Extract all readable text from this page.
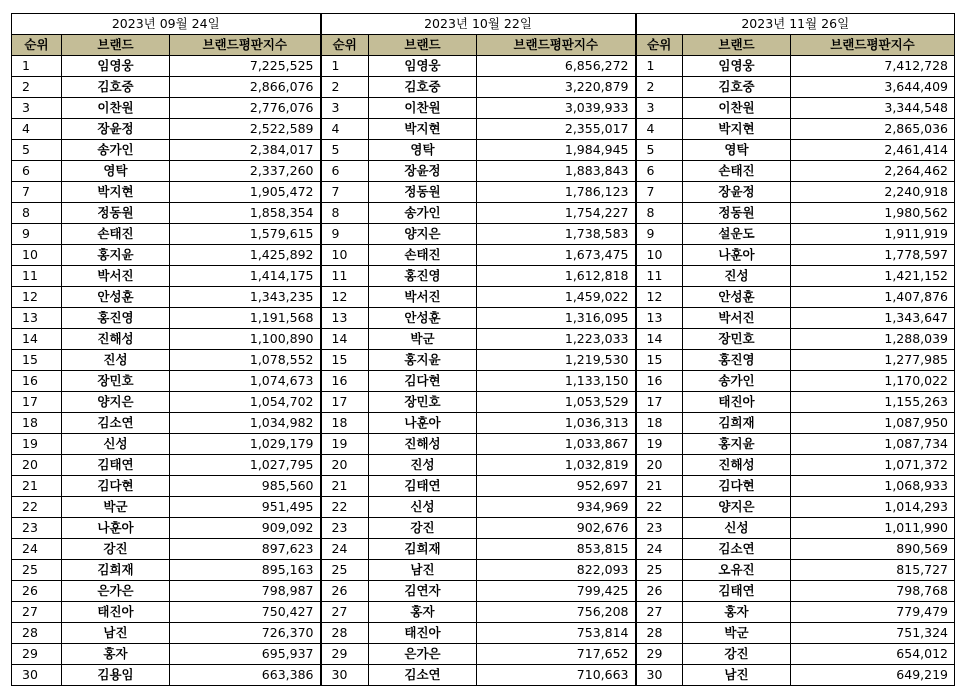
2023년 09월 24일			2023년 10월 22일			2023년 11월 26일		
순위	브랜드	브랜드평판지수	순위	브랜드	브랜드평판지수	순위	브랜드	브랜드평판지수
1	임영웅	7,225,525	1	임영웅	6,856,272	1	임영웅	7,412,728
2	김호중	2,866,076	2	김호중	3,220,879	2	김호중	3,644,409
3	이찬원	2,776,076	3	이찬원	3,039,933	3	이찬원	3,344,548
4	장윤정	2,522,589	4	박지현	2,355,017	4	박지현	2,865,036
5	송가인	2,384,017	5	영탁	1,984,945	5	영탁	2,461,414
6	영탁	2,337,260	6	장윤정	1,883,843	6	손태진	2,264,462
7	박지현	1,905,472	7	정동원	1,786,123	7	장윤정	2,240,918
8	정동원	1,858,354	8	송가인	1,754,227	8	정동원	1,980,562
9	손태진	1,579,615	9	양지은	1,738,583	9	설운도	1,911,919
10	홍지윤	1,425,892	10	손태진	1,673,475	10	나훈아	1,778,597
11	박서진	1,414,175	11	홍진영	1,612,818	11	진성	1,421,152
12	안성훈	1,343,235	12	박서진	1,459,022	12	안성훈	1,407,876
13	홍진영	1,191,568	13	안성훈	1,316,095	13	박서진	1,343,647
14	진해성	1,100,890	14	박군	1,223,033	14	장민호	1,288,039
15	진성	1,078,552	15	홍지윤	1,219,530	15	홍진영	1,277,985
16	장민호	1,074,673	16	김다현	1,133,150	16	송가인	1,170,022
17	양지은	1,054,702	17	장민호	1,053,529	17	태진아	1,155,263
18	김소연	1,034,982	18	나훈아	1,036,313	18	김희재	1,087,950
19	신성	1,029,179	19	진해성	1,033,867	19	홍지윤	1,087,734
20	김태연	1,027,795	20	진성	1,032,819	20	진해성	1,071,372
21	김다현	985,560	21	김태연	952,697	21	김다현	1,068,933
22	박군	951,495	22	신성	934,969	22	양지은	1,014,293
23	나훈아	909,092	23	강진	902,676	23	신성	1,011,990
24	강진	897,623	24	김희재	853,815	24	김소연	890,569
25	김희재	895,163	25	남진	822,093	25	오유진	815,727
26	은가은	798,987	26	김연자	799,425	26	김태연	798,768
27	태진아	750,427	27	홍자	756,208	27	홍자	779,479
28	남진	726,370	28	태진아	753,814	28	박군	751,324
29	홍자	695,937	29	은가은	717,652	29	강진	654,012
30	김용임	663,386	30	김소연	710,663	30	남진	649,219
